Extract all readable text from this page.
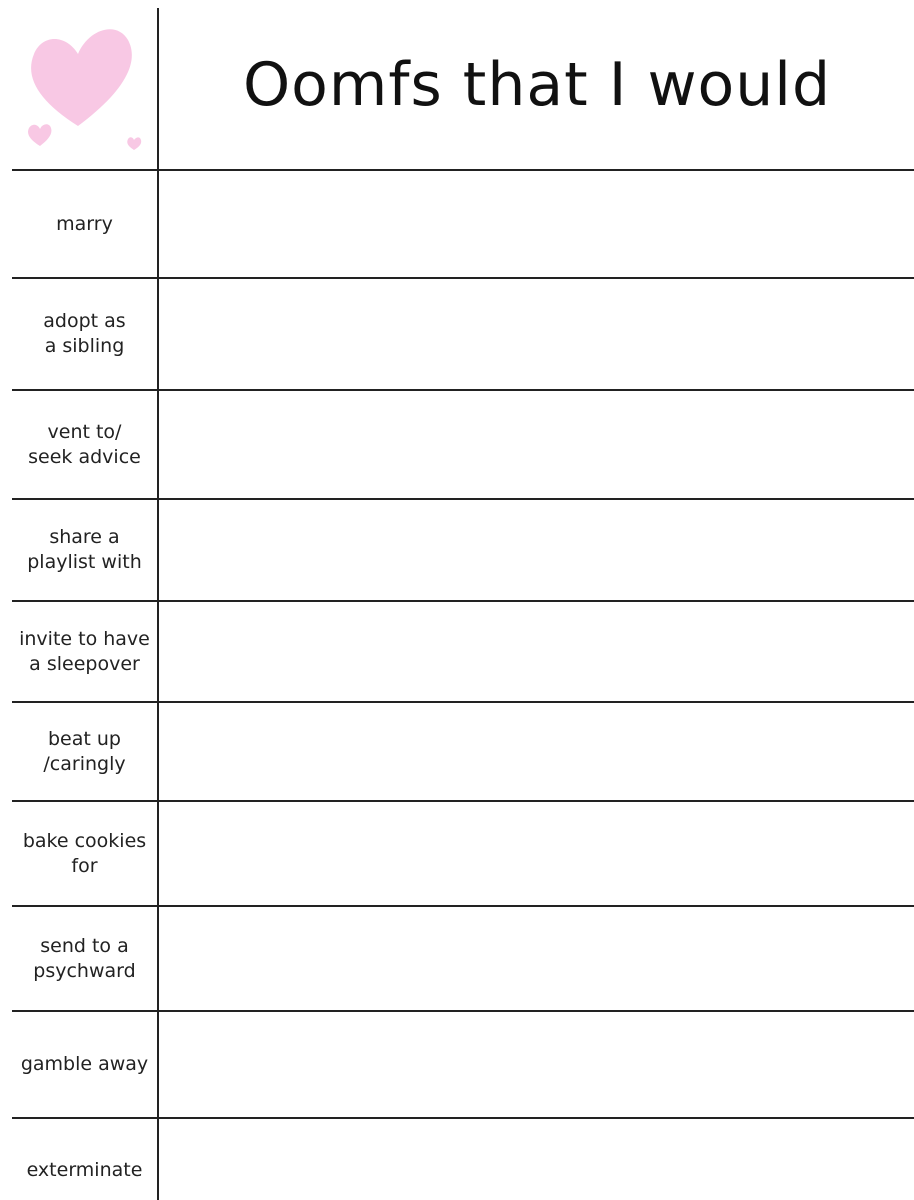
Oomfs that I would
marry
adopt as
a sibling
vent to/
seek advice
share a
playlist with
invite to have
a sleepover
beat up
/caringly
bake cookies
for
send to a
psychward
gamble away
exterminate
